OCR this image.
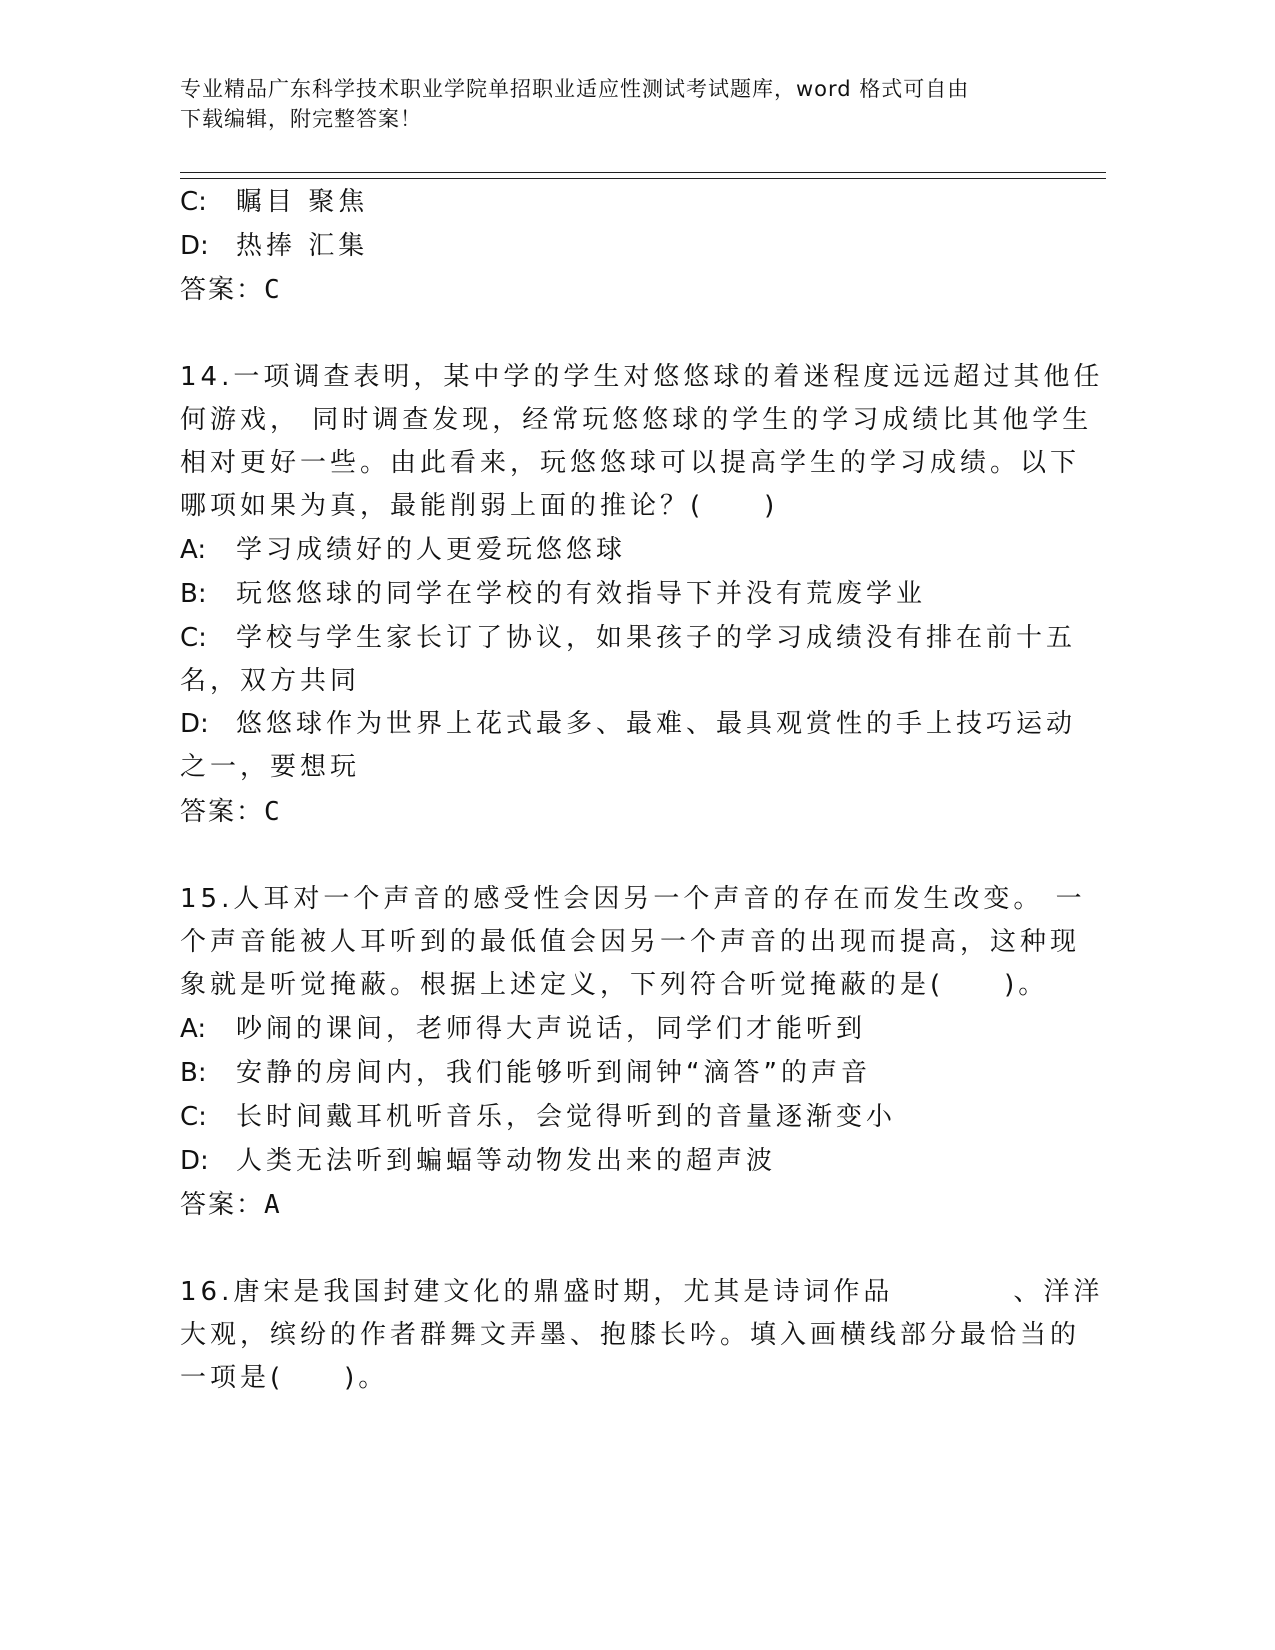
专业精品广东科学技术职业学院单招职业适应性测试考试题库，word 格式可自由
下载编辑，附完整答案！
C: 瞩目 聚焦
D: 热捧 汇集
答案：C
14.一项调查表明，某中学的学生对悠悠球的着迷程度远远超过其他任
何游戏， 同时调查发现，经常玩悠悠球的学生的学习成绩比其他学生
相对更好一些。由此看来，玩悠悠球可以提高学生的学习成绩。以下
哪项如果为真，最能削弱上面的推论？(　　)
A: 学习成绩好的人更爱玩悠悠球
B: 玩悠悠球的同学在学校的有效指导下并没有荒废学业
C: 学校与学生家长订了协议，如果孩子的学习成绩没有排在前十五
名，双方共同
D: 悠悠球作为世界上花式最多、最难、最具观赏性的手上技巧运动
之一，要想玩
答案：C
15.人耳对一个声音的感受性会因另一个声音的存在而发生改变。 一
个声音能被人耳听到的最低值会因另一个声音的出现而提高，这种现
象就是听觉掩蔽。根据上述定义，下列符合听觉掩蔽的是(　　)。
A: 吵闹的课间，老师得大声说话，同学们才能听到
B: 安静的房间内，我们能够听到闹钟“滴答”的声音
C: 长时间戴耳机听音乐，会觉得听到的音量逐渐变小
D: 人类无法听到蝙蝠等动物发出来的超声波
答案：A
16.唐宋是我国封建文化的鼎盛时期，尤其是诗词作品　　　　、洋洋
大观，缤纷的作者群舞文弄墨、抱膝长吟。填入画横线部分最恰当的
一项是(　　)。
